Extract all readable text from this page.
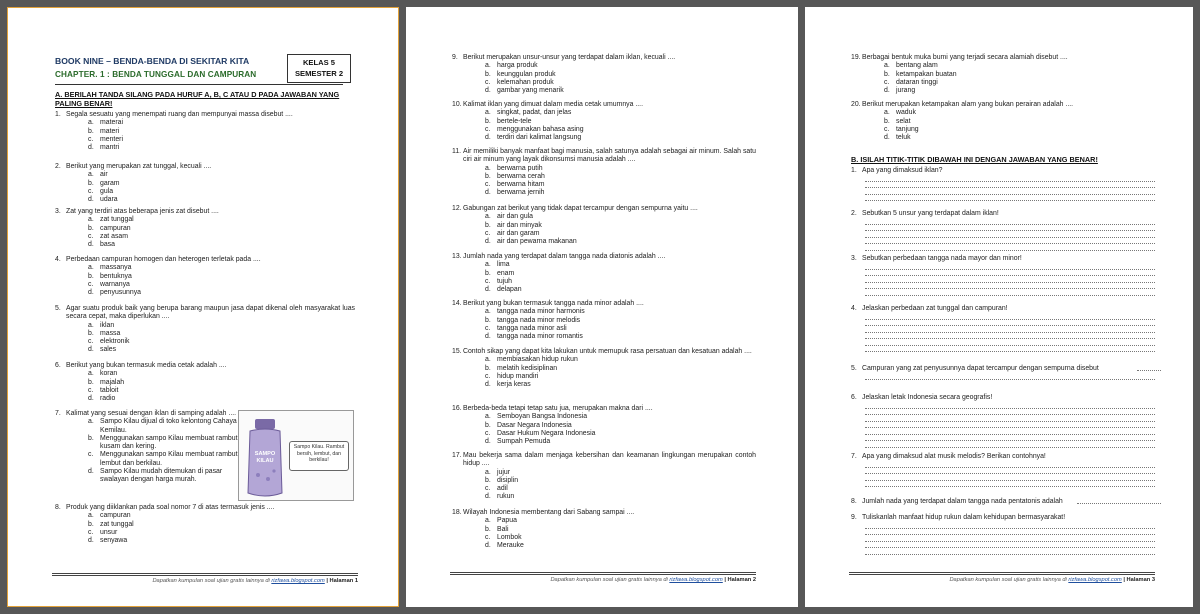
BOOK NINE – BENDA-BENDA DI SEKITAR KITA
CHAPTER. 1 : BENDA TUNGGAL DAN CAMPURAN
KELAS 5
SEMESTER 2
A. BERILAH TANDA SILANG PADA HURUF A, B, C ATAU D PADA JAWABAN YANG PALING BENAR!
1. Segala sesuatu yang menempati ruang dan mempunyai massa disebut ....
a. materai
b. materi
c. menteri
d. mantri
2. Berikut yang merupakan zat tunggal, kecuali ....
a. air
b. garam
c. gula
d. udara
3. Zat yang terdiri atas beberapa jenis zat disebut ....
a. zat tunggal
b. campuran
c. zat asam
d. basa
4. Perbedaan campuran homogen dan heterogen terletak pada ....
a. massanya
b. bentuknya
c. warnanya
d. penyusunnya
5. Agar suatu produk baik yang berupa barang maupun jasa dapat dikenal oleh masyarakat luas secara cepat, maka diperlukan ....
a. iklan
b. massa
c. elektronik
d. sales
6. Berikut yang bukan termasuk media cetak adalah ....
a. koran
b. majalah
c. tabloit
d. radio
7. Kalimat yang sesuai dengan iklan di samping adalah ....
a. Sampo Kilau dijual di toko kelontong Cahaya Kemilau.
b. Menggunakan sampo Kilau membuat rambut kusam dan kering.
c. Menggunakan sampo Kilau membuat rambut lembut dan berkilau.
d. Sampo Kilau mudah ditemukan di pasar swalayan dengan harga murah.
8. Produk yang diiklankan pada soal nomor 7 di atas termasuk jenis ....
a. campuran
b. zat tunggal
c. unsur
d. senyawa
SAMPO
KILAU
Sampo Kilau. Rambut bersih, lembut, dan berkilau!
Dapatkan kumpulan soal ujian gratis lainnya di rizfawa.blogspot.com | Halaman 1
9. Berikut merupakan unsur-unsur yang terdapat dalam iklan, kecuali ....
a. harga produk
b. keunggulan produk
c. kelemahan produk
d. gambar yang menarik
10. Kalimat iklan yang dimuat dalam media cetak umumnya ....
a. singkat, padat, dan jelas
b. bertele-tele
c. menggunakan bahasa asing
d. terdiri dari kalimat langsung
11. Air memiliki banyak manfaat bagi manusia, salah satunya adalah sebagai air minum. Salah satu ciri air minum yang layak dikonsumsi manusia adalah ....
a. berwarna putih
b. berwarna cerah
c. berwarna hitam
d. berwarna jernih
12. Gabungan zat berikut yang tidak dapat tercampur dengan sempurna yaitu ....
a. air dan gula
b. air dan minyak
c. air dan garam
d. air dan pewarna makanan
13. Jumlah nada yang terdapat dalam tangga nada diatonis adalah ....
a. lima
b. enam
c. tujuh
d. delapan
14. Berikut yang bukan termasuk tangga nada minor adalah ....
a. tangga nada minor harmonis
b. tangga nada minor melodis
c. tangga nada minor asli
d. tangga nada minor romantis
15. Contoh sikap yang dapat kita lakukan untuk memupuk rasa persatuan dan kesatuan adalah ....
a. membiasakan hidup rukun
b. melatih kedisiplinan
c. hidup mandiri
d. kerja keras
16. Berbeda-beda tetapi tetap satu jua, merupakan makna dari ....
a. Semboyan Bangsa Indonesia
b. Dasar Negara Indonesia
c. Dasar Hukum Negara Indonesia
d. Sumpah Pemuda
17. Mau bekerja sama dalam menjaga kebersihan dan keamanan lingkungan merupakan contoh hidup ....
a. jujur
b. disiplin
c. adil
d. rukun
18. Wilayah Indonesia membentang dari Sabang sampai ....
a. Papua
b. Bali
c. Lombok
d. Merauke
Dapatkan kumpulan soal ujian gratis lainnya di rizfawa.blogspot.com | Halaman 2
19. Berbagai bentuk muka bumi yang terjadi secara alamiah disebut ....
a. bentang alam
b. ketampakan buatan
c. dataran tinggi
d. jurang
20. Berikut merupakan ketampakan alam yang bukan perairan adalah ....
a. waduk
b. selat
c. tanjung
d. teluk
B. ISILAH TITIK-TITIK DIBAWAH INI DENGAN JAWABAN YANG BENAR!
1. Apa yang dimaksud iklan?
2. Sebutkan 5 unsur yang terdapat dalam iklan!
3. Sebutkan perbedaan tangga nada mayor dan minor!
4. Jelaskan perbedaan zat tunggal dan campuran!
5. Campuran yang zat penyusunnya dapat tercampur dengan sempurna disebut
6. Jelaskan letak Indonesia secara geografis!
7. Apa yang dimaksud alat musik melodis? Berikan contohnya!
8. Jumlah nada yang terdapat dalam tangga nada pentatonis adalah
9. Tuliskanlah manfaat hidup rukun dalam kehidupan bermasyarakat!
Dapatkan kumpulan soal ujian gratis lainnya di rizfawa.blogspot.com | Halaman 3
